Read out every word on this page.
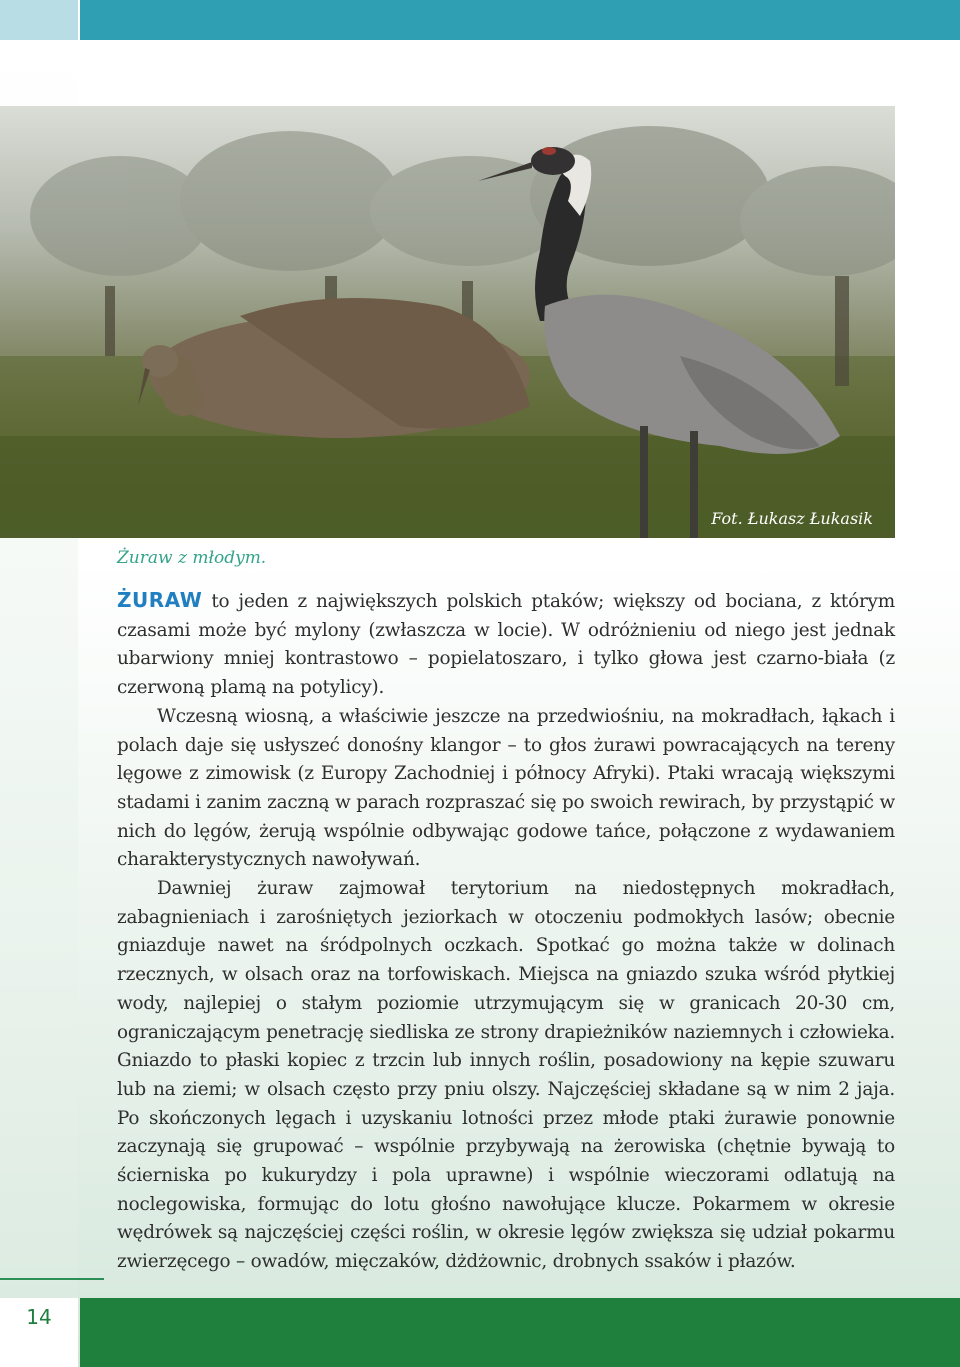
Fot. Łukasz Łukasik
Żuraw z młodym.

ŻURAW to jeden z największych polskich ptaków; większy od bociana, z którym czasami może być mylony (zwłaszcza w locie). W odróżnieniu od niego jest jednak ubarwiony mniej kontrastowo – popielatoszaro, i tylko głowa jest czarno-biała (z czerwoną plamą na potylicy).

Wczesną wiosną, a właściwie jeszcze na przedwiośniu, na mokradłach, łąkach i polach daje się usłyszeć donośny klangor – to głos żurawi powracających na tereny lęgowe z zimowisk (z Europy Zachodniej i północy Afryki). Ptaki wracają większymi stadami i zanim zaczną w parach rozpraszać się po swoich rewirach, by przystąpić w nich do lęgów, żerują wspólnie odbywając godowe tańce, połączone z wydawaniem charakterystycznych nawoływań.

Dawniej żuraw zajmował terytorium na niedostępnych mokradłach, zabagnieniach i zarośniętych jeziorkach w otoczeniu podmokłych lasów; obecnie gniazduje nawet na śródpolnych oczkach. Spotkać go można także w dolinach rzecznych, w olsach oraz na torfowiskach. Miejsca na gniazdo szuka wśród płytkiej wody, najlepiej o stałym poziomie utrzymującym się w granicach 20-30 cm, ograniczającym penetrację siedliska ze strony drapieżników naziemnych i człowieka. Gniazdo to płaski kopiec z trzcin lub innych roślin, posadowiony na kępie szuwaru lub na ziemi; w olsach często przy pniu olszy. Najczęściej składane są w nim 2 jaja. Po skończonych lęgach i uzyskaniu lotności przez młode ptaki żurawie ponownie zaczynają się grupować – wspólnie przybywają na żerowiska (chętnie bywają to ścierniska po kukurydzy i pola uprawne) i wspólnie wieczorami odlatują na noclegowiska, formując do lotu głośno nawołujące klucze. Pokarmem w okresie wędrówek są najczęściej części roślin, w okresie lęgów zwiększa się udział pokarmu zwierzęcego – owadów, mięczaków, dżdżownic, drobnych ssaków i płazów.

14
